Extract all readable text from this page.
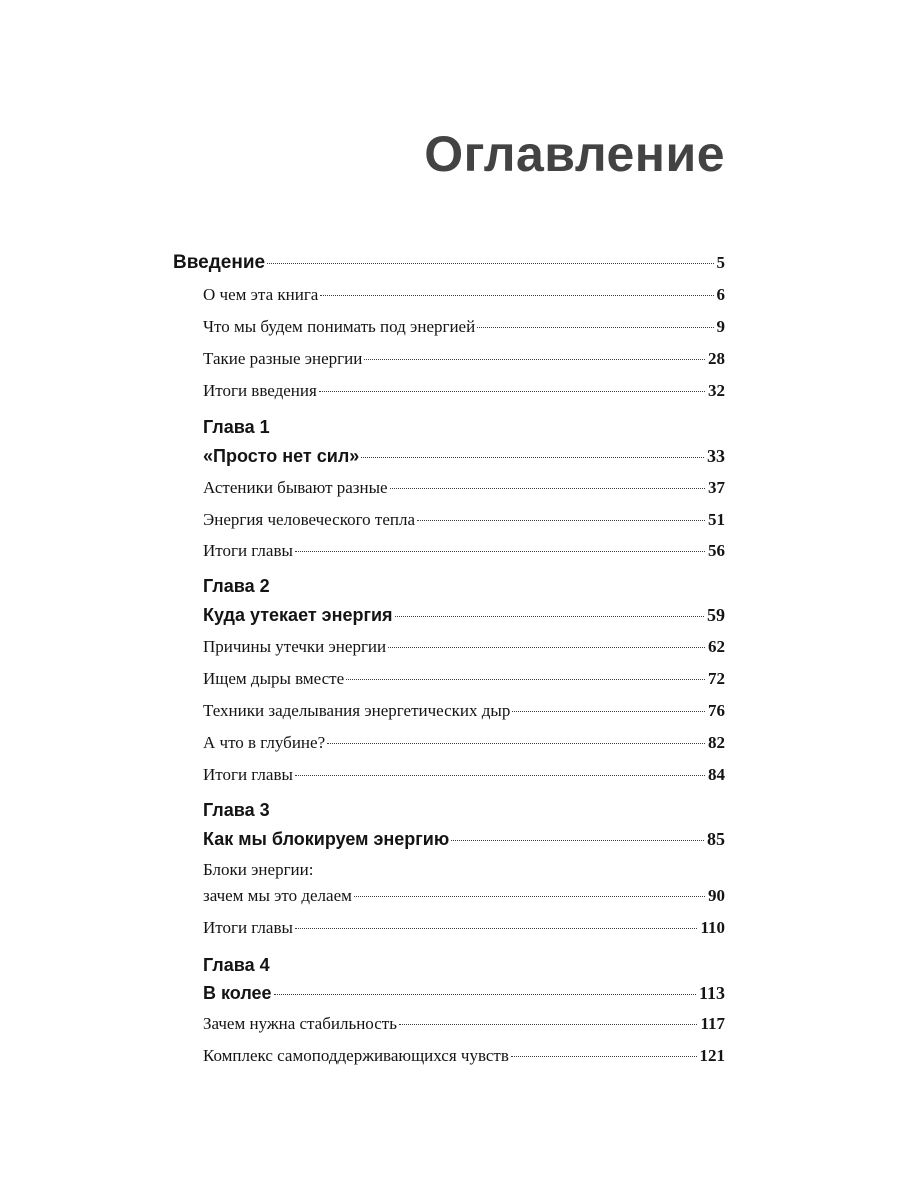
Оглавление
Введение	5
О чем эта книга	6
Что мы будем понимать под энергией	9
Такие разные энергии	28
Итоги введения	32
Глава 1
«Просто нет сил»	33
Астеники бывают разные	37
Энергия человеческого тепла	51
Итоги главы	56
Глава 2
Куда утекает энергия	59
Причины утечки энергии	62
Ищем дыры вместе	72
Техники заделывания энергетических дыр	76
А что в глубине?	82
Итоги главы	84
Глава 3
Как мы блокируем энергию	85
Блоки энергии:
зачем мы это делаем	90
Итоги главы	110
Глава 4
В колее	113
Зачем нужна стабильность	117
Комплекс самоподдерживающихся чувств	121
